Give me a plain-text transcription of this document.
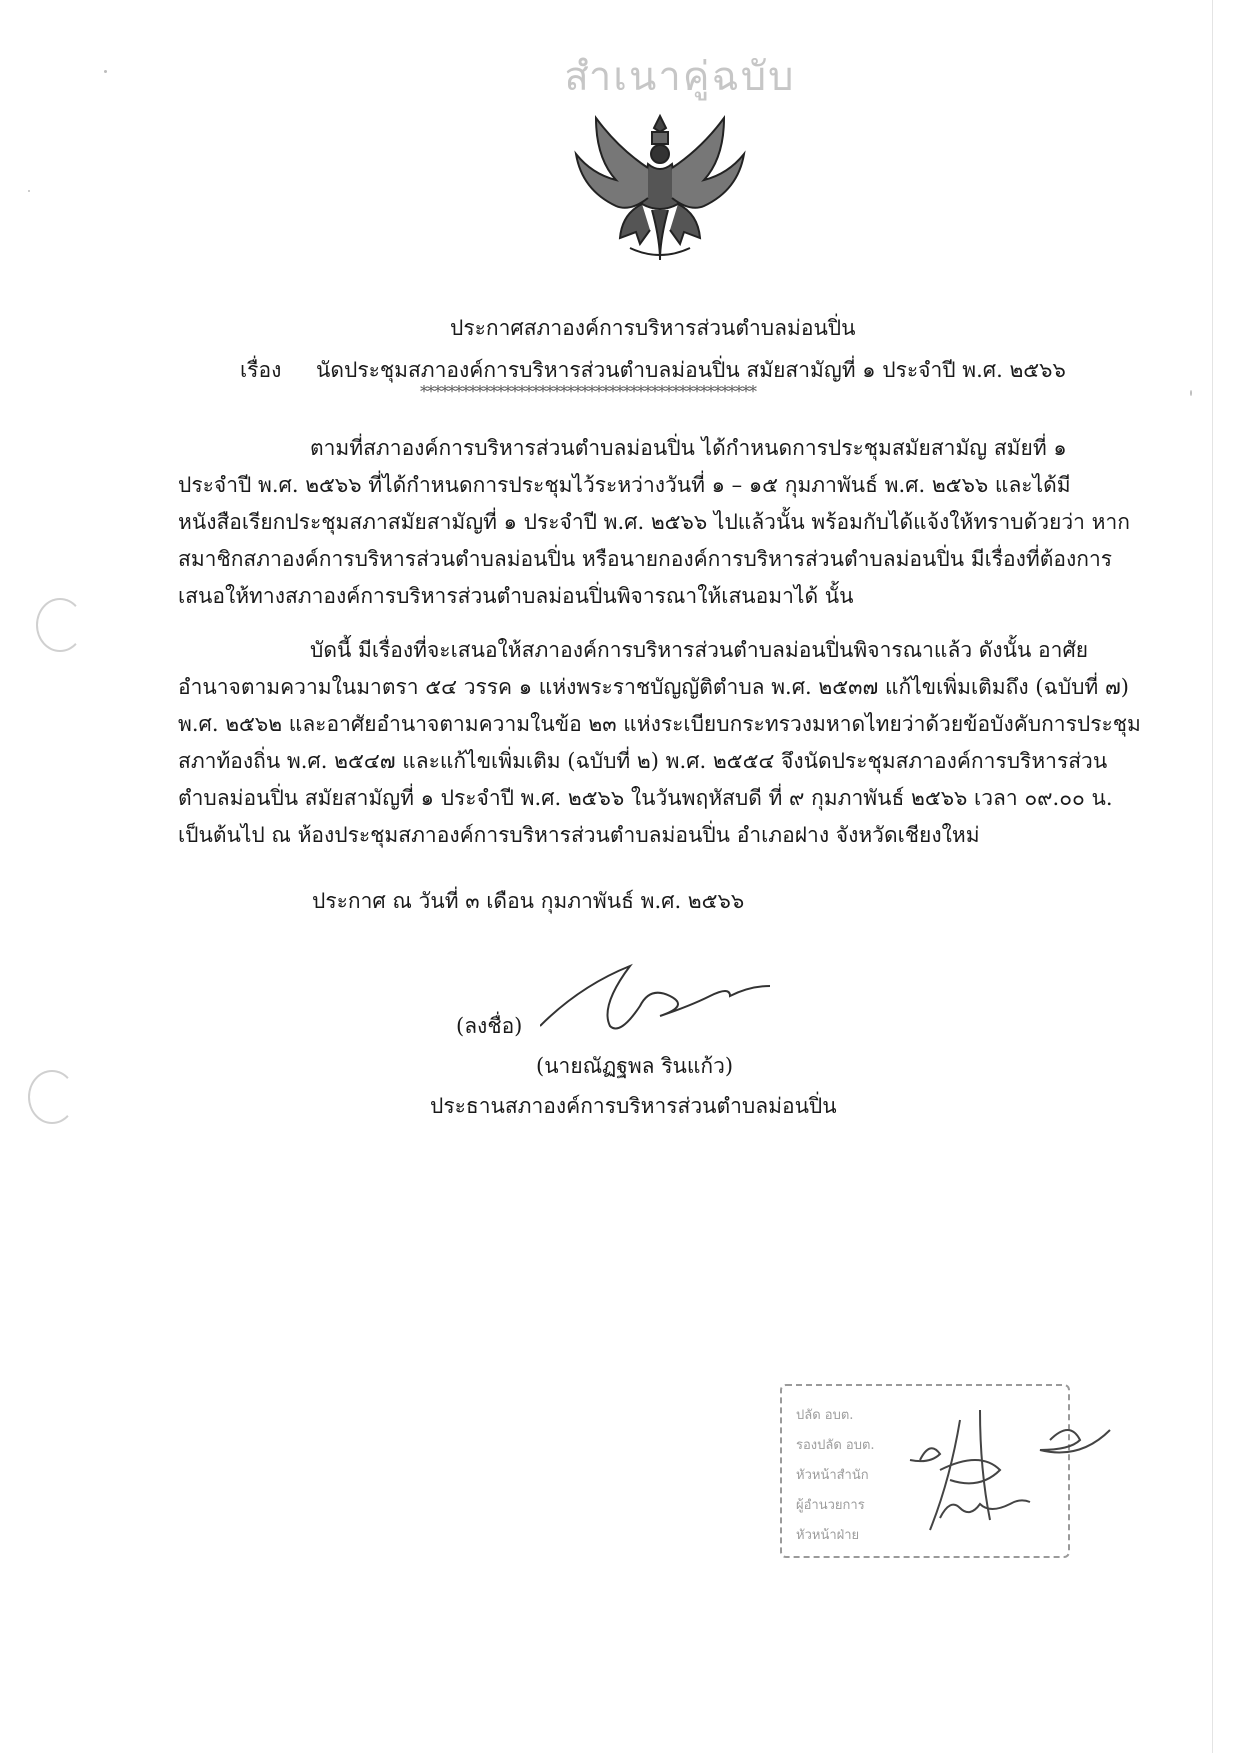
สำเนาคู่ฉบับ
ประกาศสภาองค์การบริหารส่วนตำบลม่อนปิ่น
เรื่อง นัดประชุมสภาองค์การบริหารส่วนตำบลม่อนปิ่น สมัยสามัญที่ ๑ ประจำปี พ.ศ. ๒๕๖๖
************************************************
ตามที่สภาองค์การบริหารส่วนตำบลม่อนปิ่น ได้กำหนดการประชุมสมัยสามัญ สมัยที่ ๑
ประจำปี พ.ศ. ๒๕๖๖ ที่ได้กำหนดการประชุมไว้ระหว่างวันที่ ๑ – ๑๕ กุมภาพันธ์ พ.ศ. ๒๕๖๖ และได้มี
หนังสือเรียกประชุมสภาสมัยสามัญที่ ๑ ประจำปี พ.ศ. ๒๕๖๖ ไปแล้วนั้น พร้อมกับได้แจ้งให้ทราบด้วยว่า หาก
สมาชิกสภาองค์การบริหารส่วนตำบลม่อนปิ่น หรือนายกองค์การบริหารส่วนตำบลม่อนปิ่น มีเรื่องที่ต้องการ
เสนอให้ทางสภาองค์การบริหารส่วนตำบลม่อนปิ่นพิจารณาให้เสนอมาได้ นั้น
บัดนี้ มีเรื่องที่จะเสนอให้สภาองค์การบริหารส่วนตำบลม่อนปิ่นพิจารณาแล้ว ดังนั้น อาศัย
อำนาจตามความในมาตรา ๕๔ วรรค ๑ แห่งพระราชบัญญัติตำบล พ.ศ. ๒๕๓๗ แก้ไขเพิ่มเติมถึง (ฉบับที่ ๗)
พ.ศ. ๒๕๖๒ และอาศัยอำนาจตามความในข้อ ๒๓ แห่งระเบียบกระทรวงมหาดไทยว่าด้วยข้อบังคับการประชุม
สภาท้องถิ่น พ.ศ. ๒๕๔๗ และแก้ไขเพิ่มเติม (ฉบับที่ ๒) พ.ศ. ๒๕๕๔ จึงนัดประชุมสภาองค์การบริหารส่วน
ตำบลม่อนปิ่น สมัยสามัญที่ ๑ ประจำปี พ.ศ. ๒๕๖๖ ในวันพฤหัสบดี ที่ ๙ กุมภาพันธ์ ๒๕๖๖ เวลา ๐๙.๐๐ น.
เป็นต้นไป ณ ห้องประชุมสภาองค์การบริหารส่วนตำบลม่อนปิ่น อำเภอฝาง จังหวัดเชียงใหม่
ประกาศ ณ วันที่ ๓ เดือน กุมภาพันธ์ พ.ศ. ๒๕๖๖
(ลงชื่อ)
(นายณัฏฐพล รินแก้ว)
ประธานสภาองค์การบริหารส่วนตำบลม่อนปิ่น
ปลัด อบต.
รองปลัด อบต.
หัวหน้าสำนัก
ผู้อำนวยการ
หัวหน้าฝ่าย
